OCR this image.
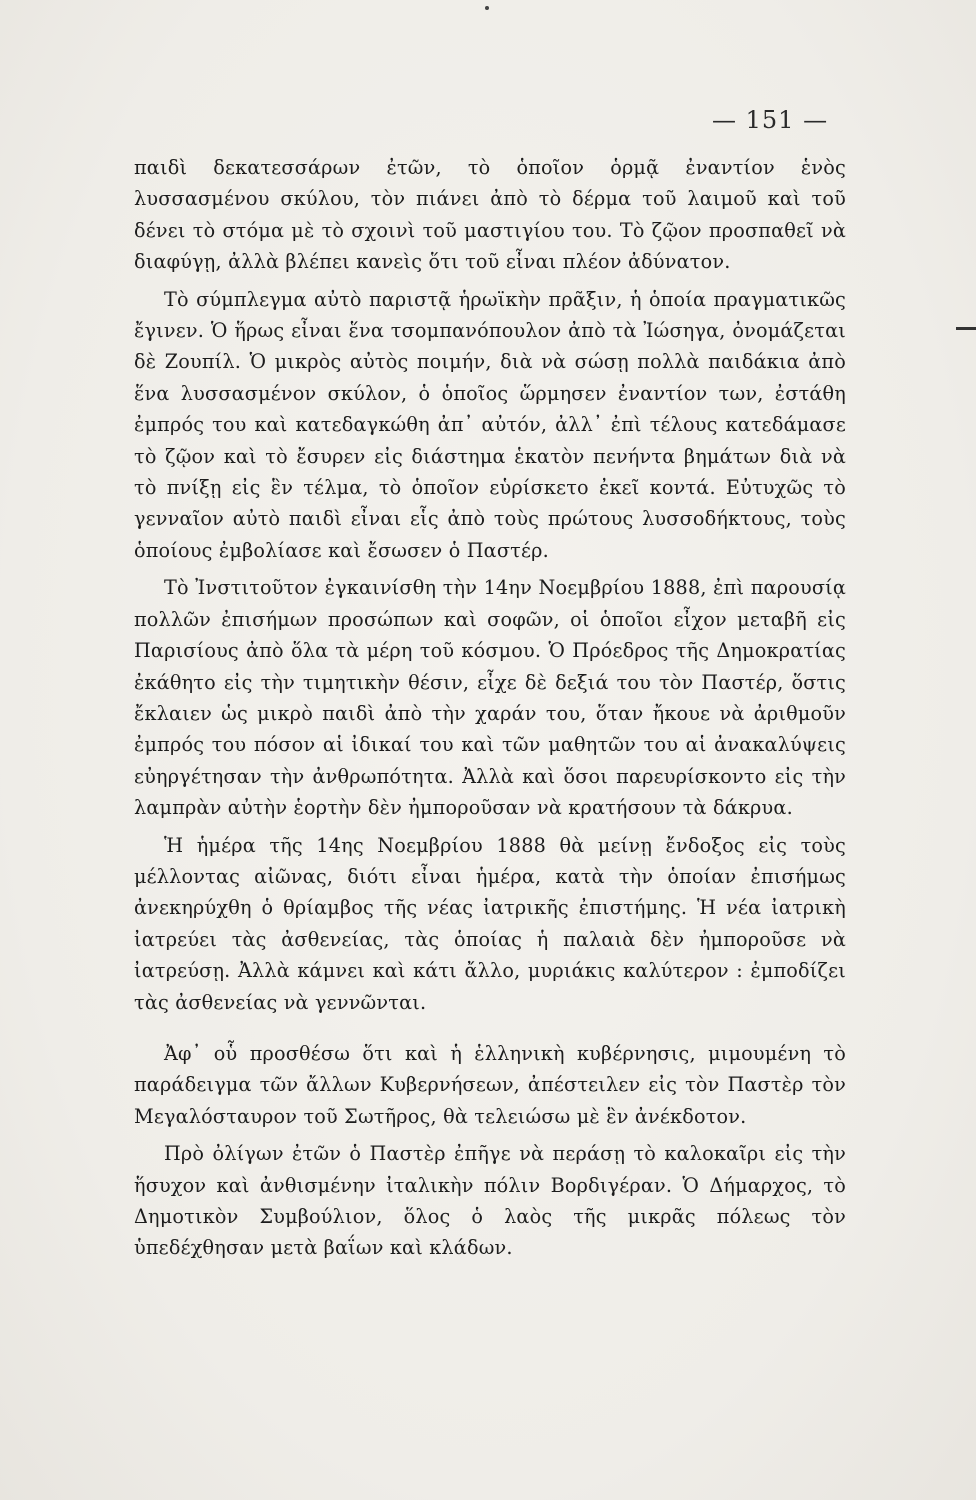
— 151 —

παιδὶ δεκατεσσάρων ἐτῶν, τὸ ὁποῖον ὁρμᾷ ἐναντίον ἑνὸς λυσσασμένου σκύλου, τὸν πιάνει ἀπὸ τὸ δέρμα τοῦ λαιμοῦ καὶ τοῦ δένει τὸ στόμα μὲ τὸ σχοινὶ τοῦ μαστιγίου του. Τὸ ζῷον προσπαθεῖ νὰ διαφύγῃ, ἀλλὰ βλέπει κανεὶς ὅτι τοῦ εἶναι πλέον ἀδύνατον.

Τὸ σύμπλεγμα αὐτὸ παριστᾷ ἡρωϊκὴν πρᾶξιν, ἡ ὁποία πραγματικῶς ἔγινεν. Ὁ ἥρως εἶναι ἕνα τσομπανόπουλον ἀπὸ τὰ Ἰώσηγα, ὀνομάζεται δὲ Ζουπίλ. Ὁ μικρὸς αὐτὸς ποιμήν, διὰ νὰ σώσῃ πολλὰ παιδάκια ἀπὸ ἕνα λυσσασμένον σκύλον, ὁ ὁποῖος ὥρμησεν ἐναντίον των, ἐστάθη ἐμπρός του καὶ κατεδαγκώθη ἀπ᾽ αὐτόν, ἀλλ᾽ ἐπὶ τέλους κατεδάμασε τὸ ζῷον καὶ τὸ ἔσυρεν εἰς διάστημα ἑκατὸν πενήντα βημάτων διὰ νὰ τὸ πνίξῃ εἰς ἓν τέλμα, τὸ ὁποῖον εὑρίσκετο ἐκεῖ κοντά. Εὐτυχῶς τὸ γενναῖον αὐτὸ παιδὶ εἶναι εἷς ἀπὸ τοὺς πρώτους λυσσοδήκτους, τοὺς ὁποίους ἐμβολίασε καὶ ἔσωσεν ὁ Παστέρ.

Τὸ Ἰνστιτοῦτον ἐγκαινίσθη τὴν 14ην Νοεμβρίου 1888, ἐπὶ παρουσίᾳ πολλῶν ἐπισήμων προσώπων καὶ σοφῶν, οἱ ὁποῖοι εἶχον μεταβῆ εἰς Παρισίους ἀπὸ ὅλα τὰ μέρη τοῦ κόσμου. Ὁ Πρόεδρος τῆς Δημοκρατίας ἐκάθητο εἰς τὴν τιμητικὴν θέσιν, εἶχε δὲ δεξιά του τὸν Παστέρ, ὅστις ἔκλαιεν ὡς μικρὸ παιδὶ ἀπὸ τὴν χαράν του, ὅταν ἤκουε νὰ ἀριθμοῦν ἐμπρός του πόσον αἱ ἰδικαί του καὶ τῶν μαθητῶν του αἱ ἀνακαλύψεις εὐηργέτησαν τὴν ἀνθρωπότητα. Ἀλλὰ καὶ ὅσοι παρευρίσκοντο εἰς τὴν λαμπρὰν αὐτὴν ἑορτὴν δὲν ἠμποροῦσαν νὰ κρατήσουν τὰ δάκρυα.

Ἡ ἡμέρα τῆς 14ης Νοεμβρίου 1888 θὰ μείνῃ ἔνδοξος εἰς τοὺς μέλλοντας αἰῶνας, διότι εἶναι ἡμέρα, κατὰ τὴν ὁποίαν ἐπισήμως ἀνεκηρύχθη ὁ θρίαμβος τῆς νέας ἰατρικῆς ἐπιστήμης. Ἡ νέα ἰατρικὴ ἰατρεύει τὰς ἀσθενείας, τὰς ὁποίας ἡ παλαιὰ δὲν ἠμποροῦσε νὰ ἰατρεύσῃ. Ἀλλὰ κάμνει καὶ κάτι ἄλλο, μυριάκις καλύτερον : ἐμποδίζει τὰς ἀσθενείας νὰ γεννῶνται.

Ἀφ᾽ οὗ προσθέσω ὅτι καὶ ἡ ἑλληνικὴ κυβέρνησις, μιμουμένη τὸ παράδειγμα τῶν ἄλλων Κυβερνήσεων, ἀπέστειλεν εἰς τὸν Παστὲρ τὸν Μεγαλόσταυρον τοῦ Σωτῆρος, θὰ τελειώσω μὲ ἓν ἀνέκδοτον.

Πρὸ ὀλίγων ἐτῶν ὁ Παστὲρ ἐπῆγε νὰ περάσῃ τὸ καλοκαῖρι εἰς τὴν ἥσυχον καὶ ἀνθισμένην ἰταλικὴν πόλιν Βορδιγέραν. Ὁ Δήμαρχος, τὸ Δημοτικὸν Συμβούλιον, ὅλος ὁ λαὸς τῆς μικρᾶς πόλεως τὸν ὑπεδέχθησαν μετὰ βαΐων καὶ κλάδων.
